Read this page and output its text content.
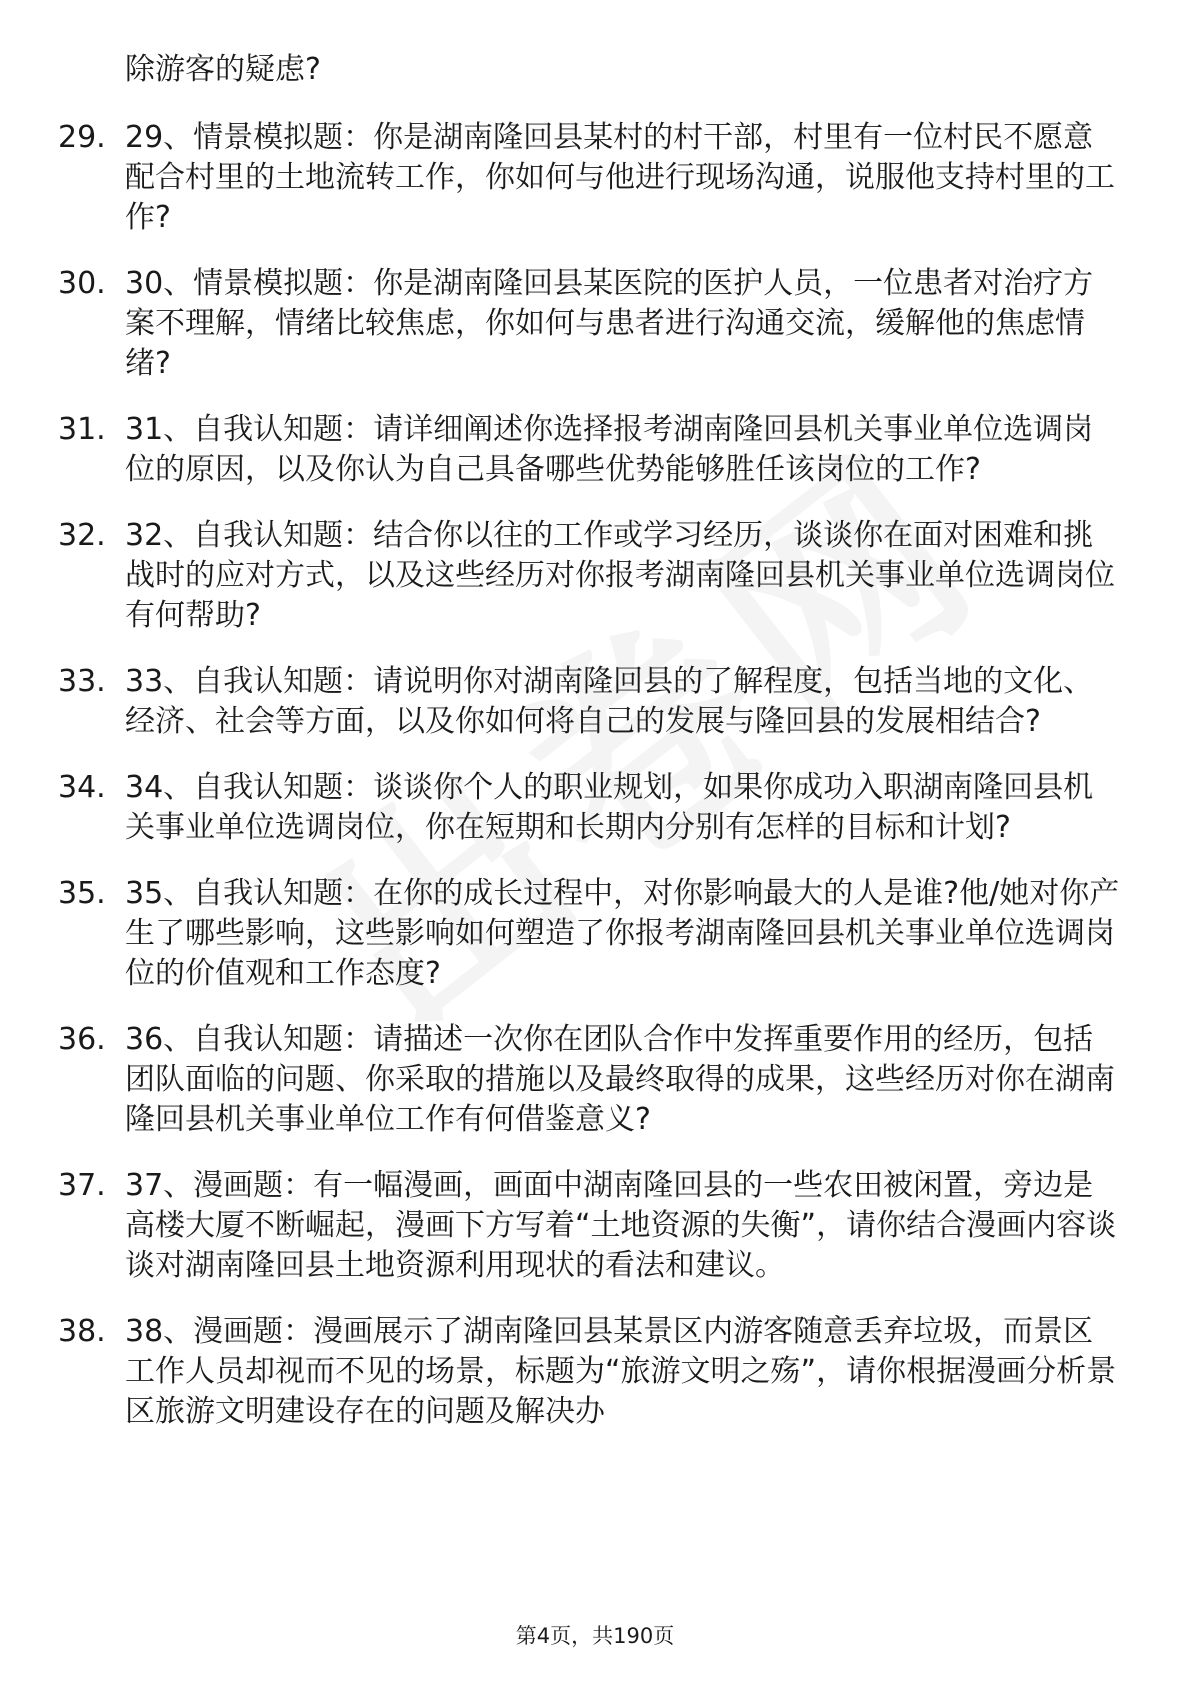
除游客的疑虑?
29. 29、情景模拟题：你是湖南隆回县某村的村干部，村里有一位村民不愿意配合村里的土地流转工作，你如何与他进行现场沟通，说服他支持村里的工作?
30. 30、情景模拟题：你是湖南隆回县某医院的医护人员，一位患者对治疗方案不理解，情绪比较焦虑，你如何与患者进行沟通交流，缓解他的焦虑情绪?
31. 31、自我认知题：请详细阐述你选择报考湖南隆回县机关事业单位选调岗位的原因，以及你认为自己具备哪些优势能够胜任该岗位的工作?
32. 32、自我认知题：结合你以往的工作或学习经历，谈谈你在面对困难和挑战时的应对方式，以及这些经历对你报考湖南隆回县机关事业单位选调岗位有何帮助?
33. 33、自我认知题：请说明你对湖南隆回县的了解程度，包括当地的文化、经济、社会等方面，以及你如何将自己的发展与隆回县的发展相结合?
34. 34、自我认知题：谈谈你个人的职业规划，如果你成功入职湖南隆回县机关事业单位选调岗位，你在短期和长期内分别有怎样的目标和计划?
35. 35、自我认知题：在你的成长过程中，对你影响最大的人是谁?他/她对你产生了哪些影响，这些影响如何塑造了你报考湖南隆回县机关事业单位选调岗位的价值观和工作态度?
36. 36、自我认知题：请描述一次你在团队合作中发挥重要作用的经历，包括团队面临的问题、你采取的措施以及最终取得的成果，这些经历对你在湖南隆回县机关事业单位工作有何借鉴意义?
37. 37、漫画题：有一幅漫画，画面中湖南隆回县的一些农田被闲置，旁边是高楼大厦不断崛起，漫画下方写着“土地资源的失衡”，请你结合漫画内容谈谈对湖南隆回县土地资源利用现状的看法和建议。
38. 38、漫画题：漫画展示了湖南隆回县某景区内游客随意丢弃垃圾，而景区工作人员却视而不见的场景，标题为“旅游文明之殇”，请你根据漫画分析景区旅游文明建设存在的问题及解决办
第4页，共190页
